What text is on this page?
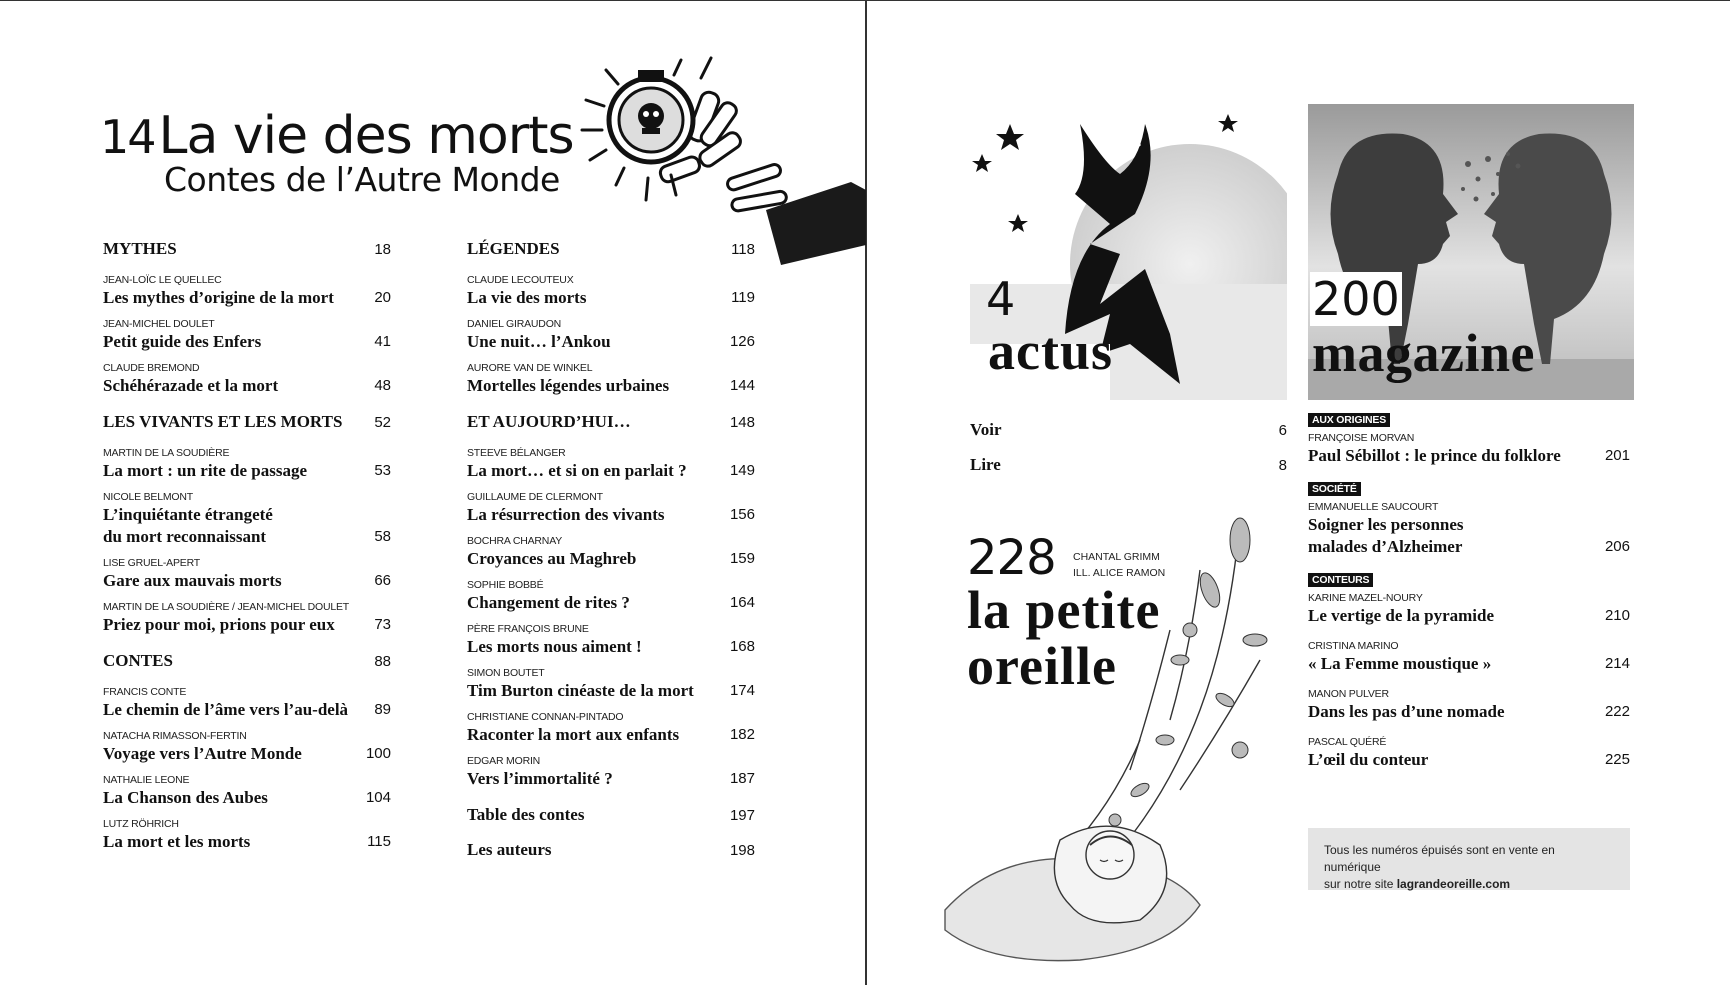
14 La vie des morts
Contes de l’Autre Monde
MYTHES	18
JEAN-LOÏC LE QUELLEC
Les mythes d’origine de la mort	20
JEAN-MICHEL DOULET
Petit guide des Enfers	41
CLAUDE BREMOND
Schéhérazade et la mort	48
LES VIVANTS ET LES MORTS 52
MARTIN DE LA SOUDIÈRE
La mort : un rite de passage	53
NICOLE BELMONT
L’inquiétante étrangeté
du mort reconnaissant	58
LISE GRUEL-APERT
Gare aux mauvais morts	66
MARTIN DE LA SOUDIÈRE / JEAN-MICHEL DOULET
Priez pour moi, prions pour eux	73
CONTES	88
FRANCIS CONTE
Le chemin de l’âme vers l’au-delà	89
NATACHA RIMASSON-FERTIN
Voyage vers l’Autre Monde	100
NATHALIE LEONE
La Chanson des Aubes	104
LUTZ RÖHRICH
La mort et les morts	115
LÉGENDES	118
CLAUDE LECOUTEUX
La vie des morts	119
DANIEL GIRAUDON
Une nuit… l’Ankou	126
AURORE VAN DE WINKEL
Mortelles légendes urbaines	144
ET AUJOURD’HUI…	148
STEEVE BÉLANGER
La mort… et si on en parlait ?	149
GUILLAUME DE CLERMONT
La résurrection des vivants	156
BOCHRA CHARNAY
Croyances au Maghreb	159
SOPHIE BOBBÉ
Changement de rites ?	164
PÈRE FRANÇOIS BRUNE
Les morts nous aiment !	168
SIMON BOUTET
Tim Burton cinéaste de la mort	174
CHRISTIANE CONNAN-PINTADO
Raconter la mort aux enfants	182
EDGAR MORIN
Vers l’immortalité ?	187
Table des contes	197
Les auteurs	198
4
actus
Voir	6
Lire	8
200
magazine
AUX ORIGINES
FRANÇOISE MORVAN
Paul Sébillot : le prince du folklore	201
SOCIÉTÉ
EMMANUELLE SAUCOURT
Soigner les personnes
malades d’Alzheimer	206
CONTEURS
KARINE MAZEL-NOURY
Le vertige de la pyramide	210
CRISTINA MARINO
« La Femme moustique »	214
MANON PULVER
Dans les pas d’une nomade	222
PASCAL QUÉRÉ
L’œil du conteur	225
228 CHANTAL GRIMM
ILL. ALICE RAMON
la petite
oreille
Tous les numéros épuisés sont en vente en numérique
sur notre site lagrandeoreille.com
